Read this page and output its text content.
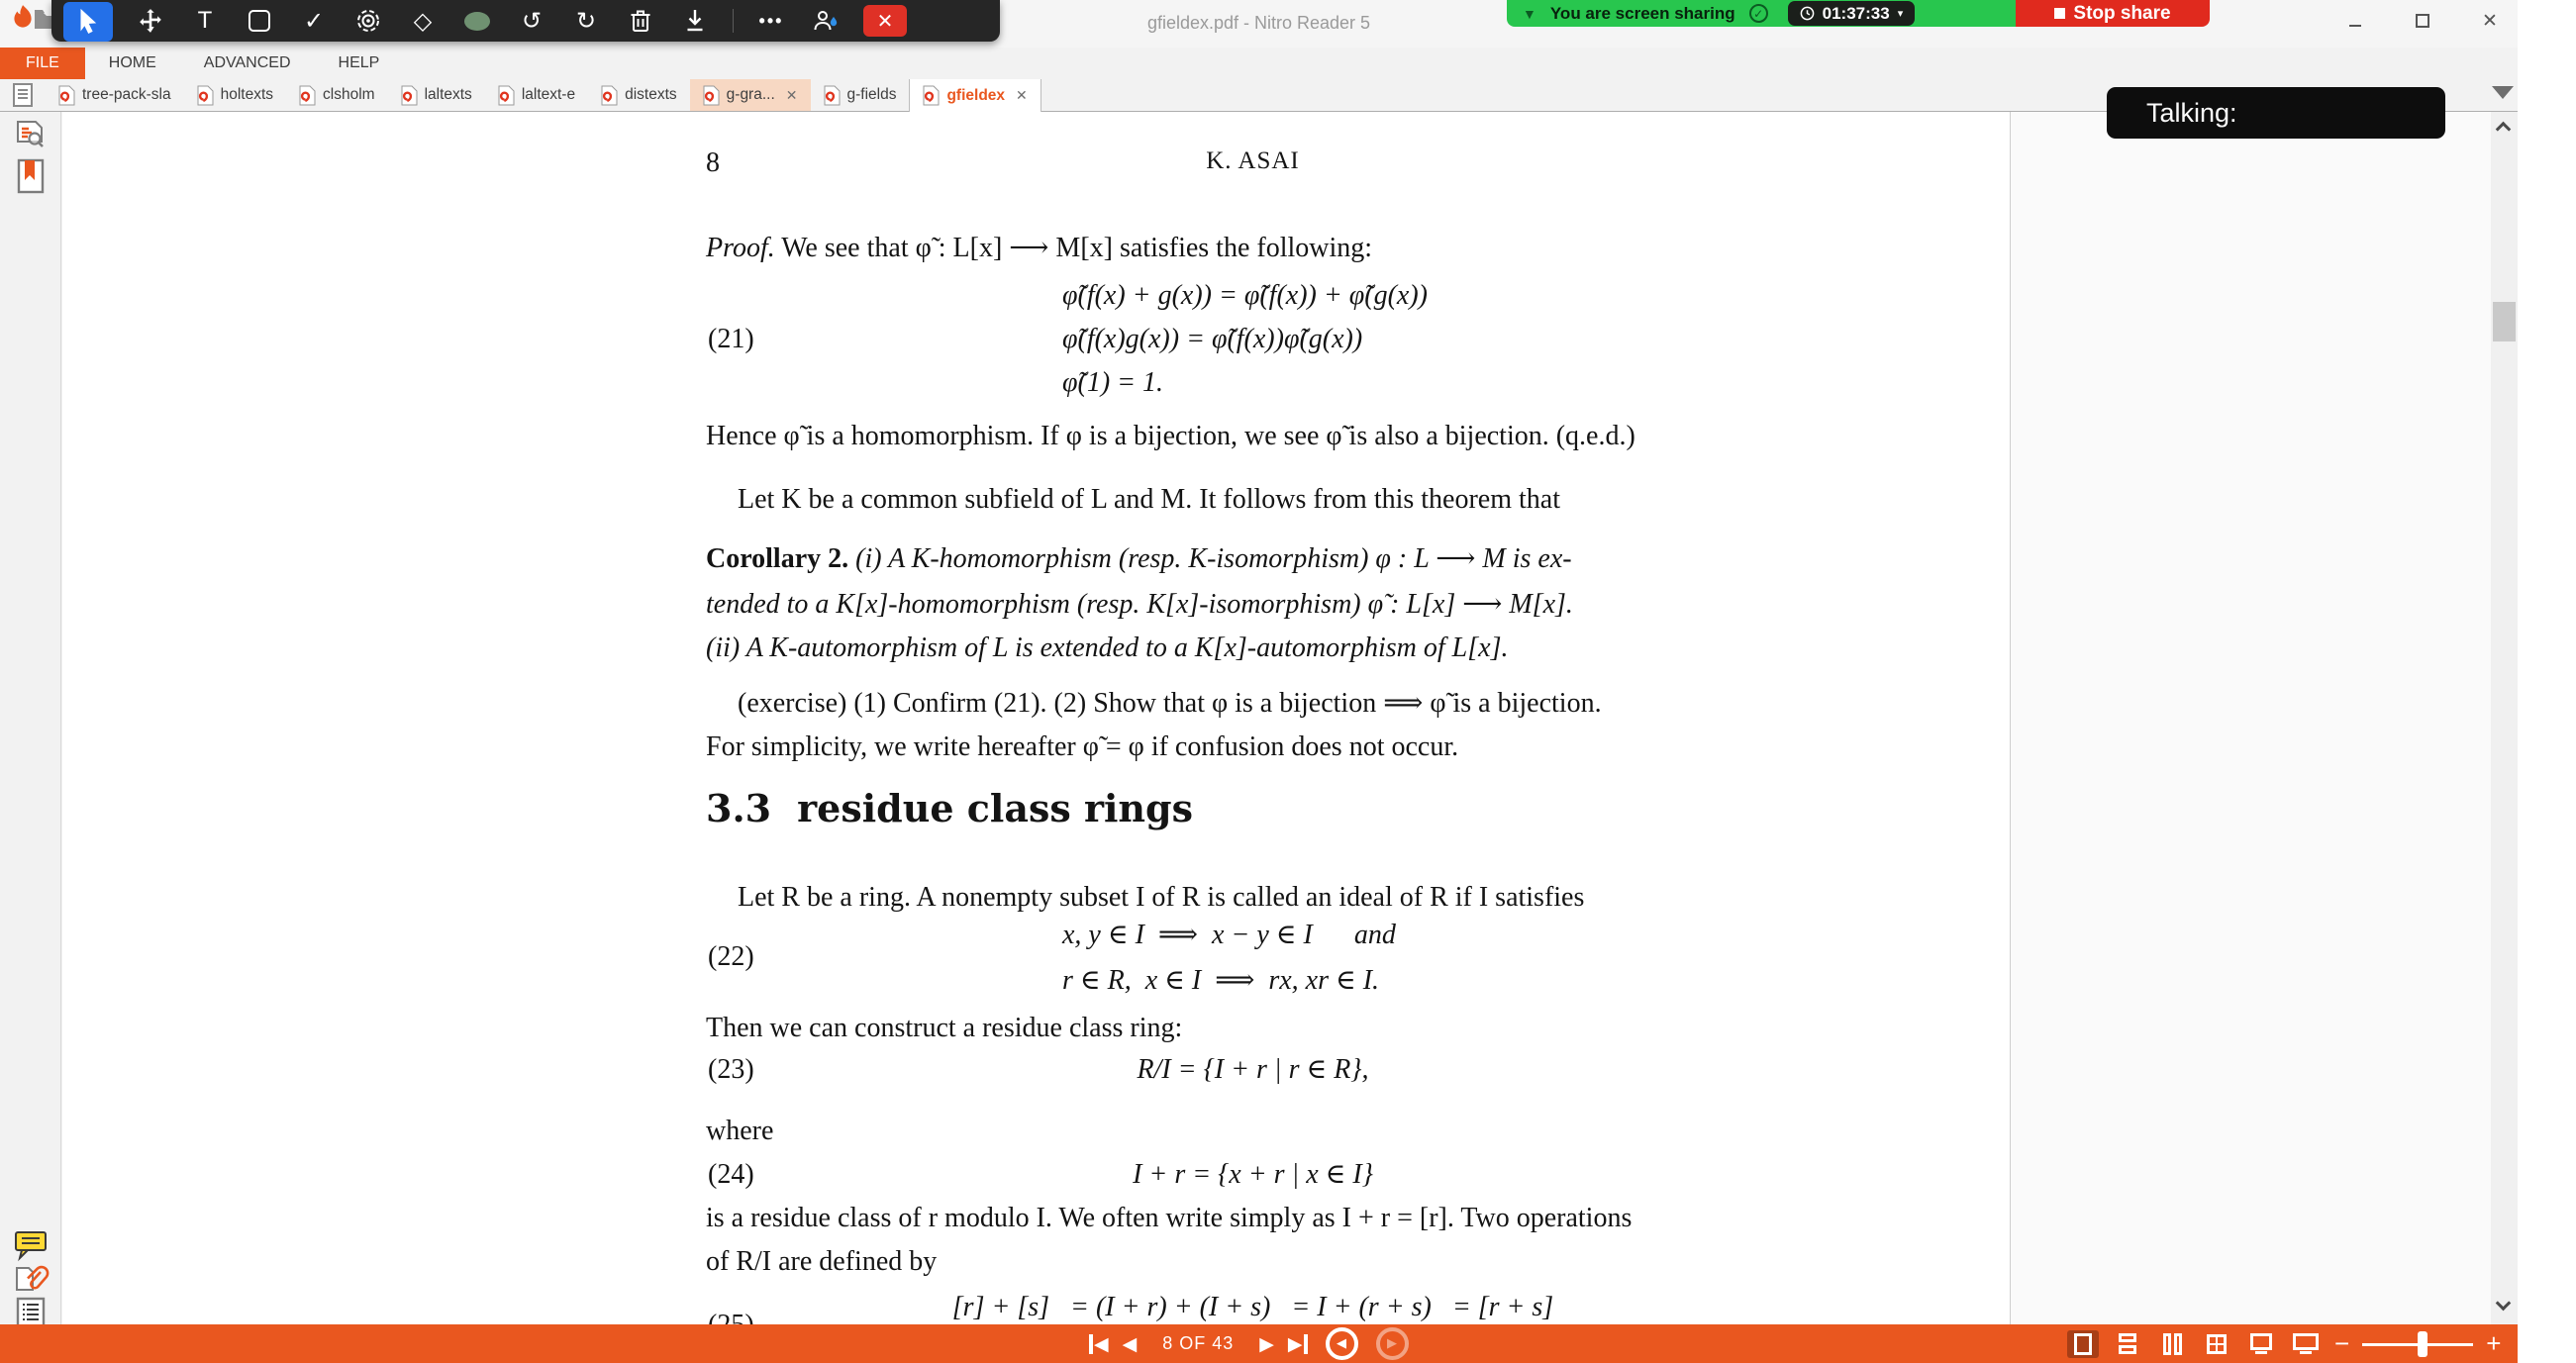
gfieldex.pdf - Nitro Reader 5	✕
T	✓	◇	↺ ↻	•••	✕	▼ You are screen sharing	✓	01:37:33 ▾	Stop share
FILE	HOME	ADVANCED	HELP
tree-pack-sla	holtexts	clsholm	laltexts	laltext-e	distexts	g-gra... ✕	g-fields	gfieldex ✕
8	K. ASAI
Proof. We see that φ̃ : L[x] ⟶ M[x] satisfies the following:
(21)
φ̃(f(x) + g(x)) = φ̃(f(x)) + φ̃(g(x))
φ̃(f(x)g(x)) = φ̃(f(x))φ̃(g(x))
φ̃(1) = 1.
Hence φ̃ is a homomorphism. If φ is a bijection, we see φ̃ is also a bijection. (q.e.d.)
Let K be a common subfield of L and M. It follows from this theorem that
Corollary 2. (i) A K-homomorphism (resp. K-isomorphism) φ : L ⟶ M is ex-
tended to a K[x]-homomorphism (resp. K[x]-isomorphism) φ̃ : L[x] ⟶ M[x].
(ii) A K-automorphism of L is extended to a K[x]-automorphism of L[x].
(exercise) (1) Confirm (21). (2) Show that φ is a bijection ⟹ φ̃ is a bijection.
For simplicity, we write hereafter φ̃ = φ if confusion does not occur.
3.3 residue class rings
Let R be a ring. A nonempty subset I of R is called an ideal of R if I satisfies
(22)
x, y ∈ I  ⟹  x − y ∈ I      and
r ∈ R,  x ∈ I  ⟹  rx, xr ∈ I.
Then we can construct a residue class ring:
(23)	R/I = {I + r | r ∈ R},
where
(24)	I + r = {x + r | x ∈ I}
is a residue class of r modulo I. We often write simply as I + r = [r]. Two operations
of R/I are defined by
[r] + [s]   = (I + r) + (I + s)   = I + (r + s)   = [r + s]
Talking:
◀ ◀ 8 OF 43 ▶ ▶	◀	▶	−	+ 125%
